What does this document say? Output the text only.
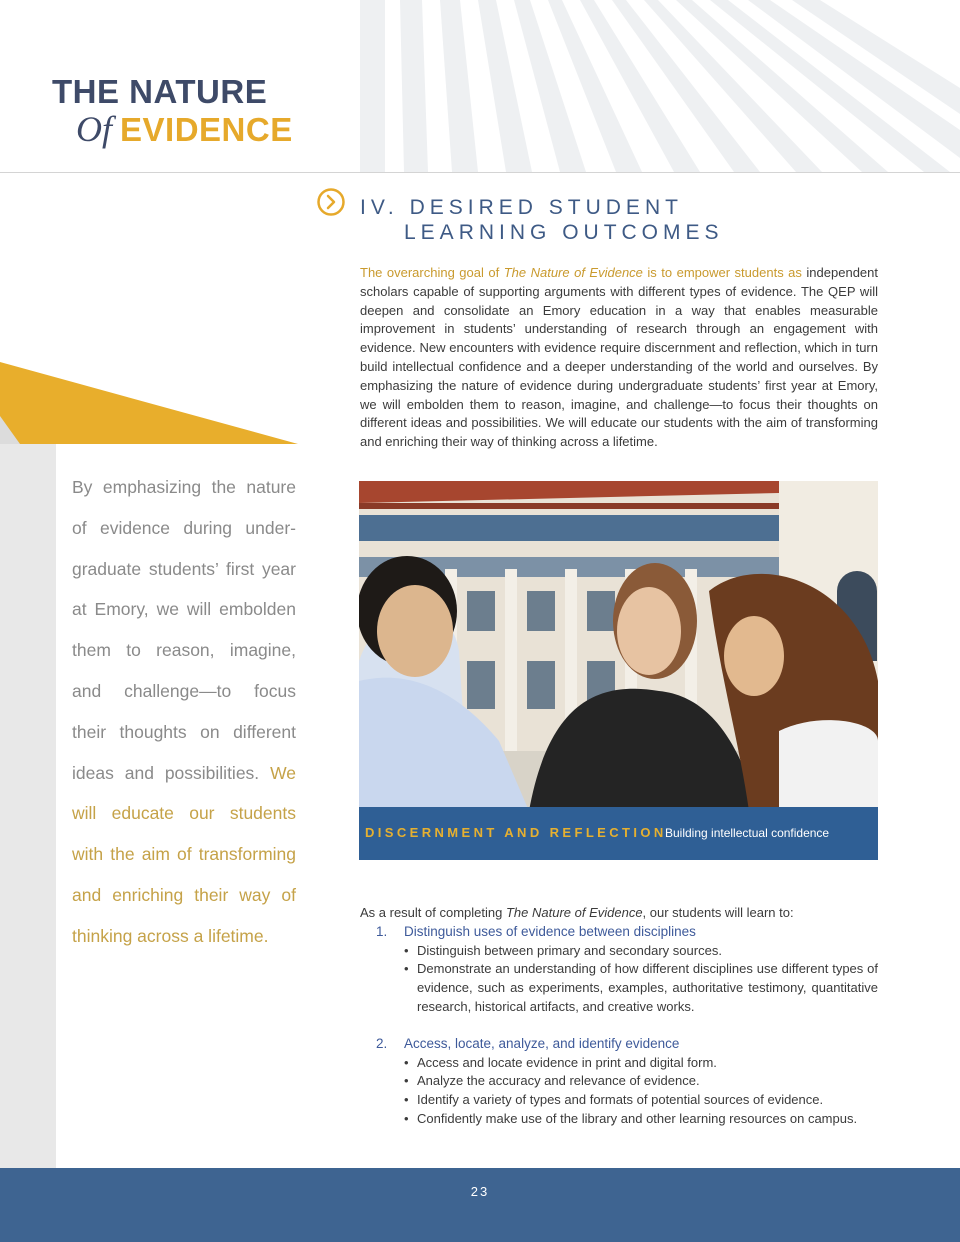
THE NATURE
Of EVIDENCE
IV. DESIRED STUDENT
LEARNING OUTCOMES

The overarching goal of The Nature of Evidence is to empower students as independent scholars capable of supporting arguments with different types of evidence. The QEP will deepen and consolidate an Emory education in a way that enables measurable improvement in students’ understanding of research through an engagement with evidence. New encounters with evidence require discernment and reflection, which in turn build intellectual confidence and a deeper understanding of the world and ourselves. By emphasizing the nature of evidence during undergraduate students’ first year at Emory, we will embolden them to reason, imagine, and challenge—to focus their thoughts on different ideas and possibilities. We will educate our students with the aim of transforming and enriching their way of thinking across a lifetime.

By emphasizing the nature of evidence during undergraduate students’ first year at Emory, we will embolden them to reason, imagine, and challenge—to focus their thoughts on different ideas and possibilities. We will educate our students with the aim of transforming and enriching their way of thinking across a lifetime.

DISCERNMENT AND REFLECTION
Building intellectual confidence

As a result of completing The Nature of Evidence, our students will learn to:

1. Distinguish uses of evidence between disciplines
• Distinguish between primary and secondary sources.
• Demonstrate an understanding of how different disciplines use different types of evidence, such as experiments, examples, authoritative testimony, quantitative research, historical artifacts, and creative works.
2. Access, locate, analyze, and identify evidence
• Access and locate evidence in print and digital form.
• Analyze the accuracy and relevance of evidence.
• Identify a variety of types and formats of potential sources of evidence.
• Confidently make use of the library and other learning resources on campus.
23
